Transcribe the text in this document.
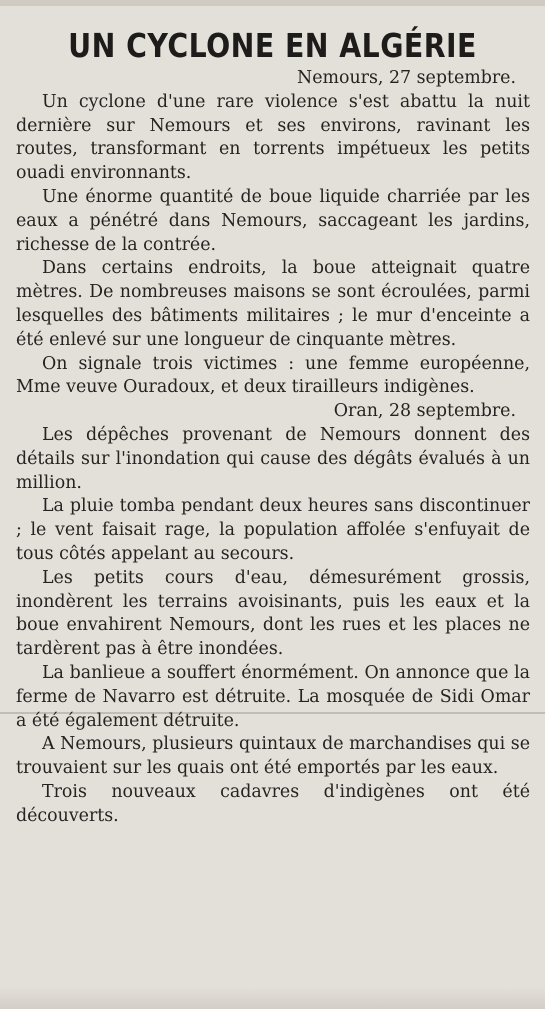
UN CYCLONE EN ALGÉRIE
Nemours, 27 septembre.

Un cyclone d'une rare violence s'est abattu la nuit dernière sur Nemours et ses environs, ravinant les routes, transformant en torrents impétueux les petits ouadi environnants.

Une énorme quantité de boue liquide charriée par les eaux a pénétré dans Nemours, saccageant les jardins, richesse de la contrée.

Dans certains endroits, la boue atteignait quatre mètres. De nombreuses maisons se sont écroulées, parmi lesquelles des bâtiments militaires ; le mur d'enceinte a été enlevé sur une longueur de cinquante mètres.

On signale trois victimes : une femme européenne, Mme veuve Ouradoux, et deux tirailleurs indigènes.

Oran, 28 septembre.

Les dépêches provenant de Nemours donnent des détails sur l'inondation qui cause des dégâts évalués à un million.

La pluie tomba pendant deux heures sans discontinuer ; le vent faisait rage, la population affolée s'enfuyait de tous côtés appelant au secours.

Les petits cours d'eau, démesurément grossis, inondèrent les terrains avoisinants, puis les eaux et la boue envahirent Nemours, dont les rues et les places ne tardèrent pas à être inondées.

La banlieue a souffert énormément. On annonce que la ferme de Navarro est détruite. La mosquée de Sidi Omar a été également détruite.

A Nemours, plusieurs quintaux de marchandises qui se trouvaient sur les quais ont été emportés par les eaux.

Trois nouveaux cadavres d'indigènes ont été découverts.
